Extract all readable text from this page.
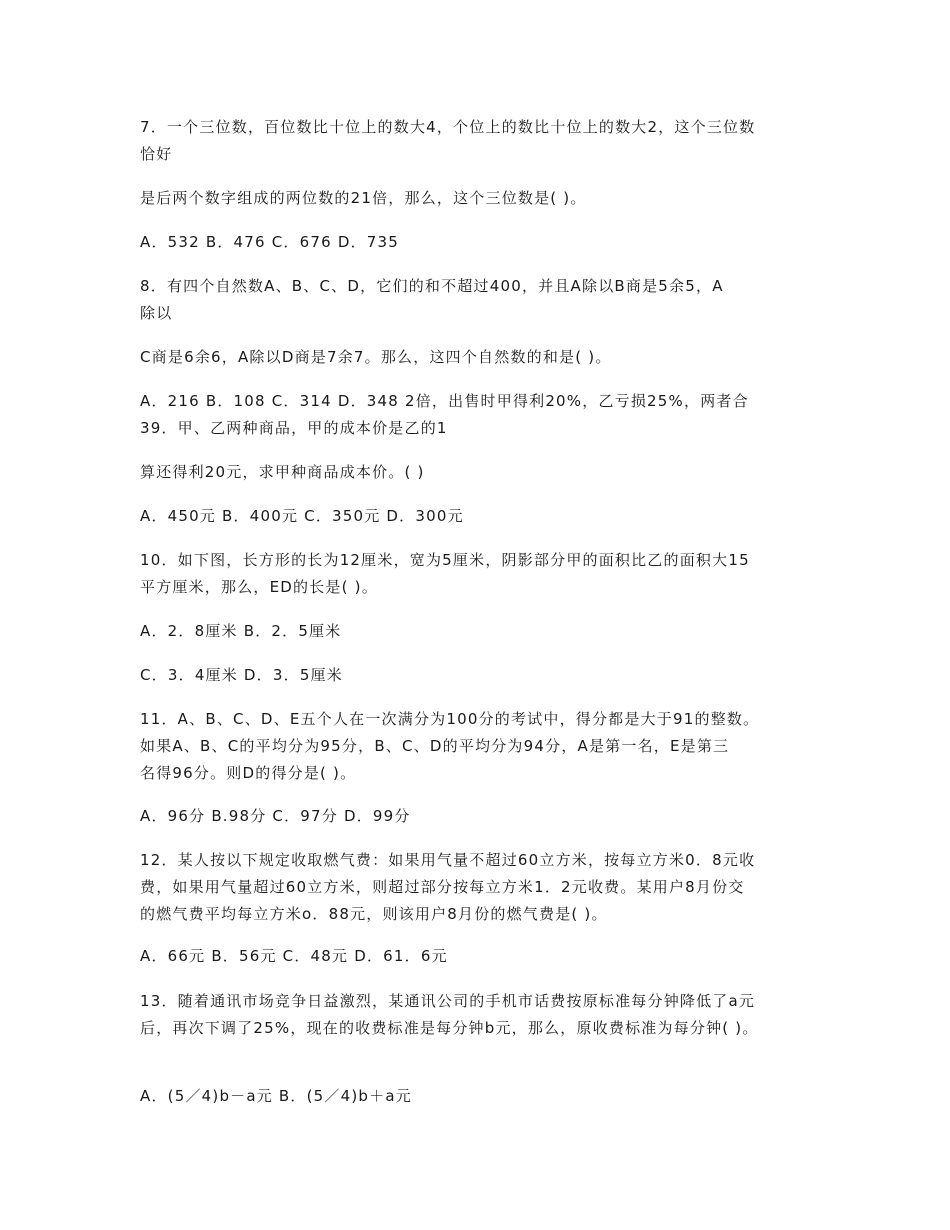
7．一个三位数，百位数比十位上的数大4，个位上的数比十位上的数大2，这个三位数
恰好
是后两个数字组成的两位数的21倍，那么，这个三位数是( )。
A．532 B．476 C．676 D．735
8．有四个自然数A、B、C、D，它们的和不超过400，并且A除以B商是5余5，A
除以
C商是6余6，A除以D商是7余7。那么，这四个自然数的和是( )。
A．216 B．108 C．314 D．348 2倍，出售时甲得利20%，乙亏损25%，两者合
39．甲、乙两种商品，甲的成本价是乙的1
算还得利20元，求甲种商品成本价。( )
A．450元 B．400元 C．350元 D．300元
10．如下图，长方形的长为12厘米，宽为5厘米，阴影部分甲的面积比乙的面积大15
平方厘米，那么，ED的长是( )。
A．2．8厘米 B．2．5厘米
C．3．4厘米 D．3．5厘米
11．A、B、C、D、E五个人在一次满分为100分的考试中，得分都是大于91的整数。
如果A、B、C的平均分为95分，B、C、D的平均分为94分，A是第一名，E是第三
名得96分。则D的得分是( )。
A．96分 B.98分 C．97分 D．99分
12．某人按以下规定收取燃气费：如果用气量不超过60立方米，按每立方米0．8元收
费，如果用气量超过60立方米，则超过部分按每立方米1．2元收费。某用户8月份交
的燃气费平均每立方米o．88元，则该用户8月份的燃气费是( )。
A．66元 B．56元 C．48元 D．61．6元
13．随着通讯市场竞争日益激烈，某通讯公司的手机市话费按原标准每分钟降低了a元
后，再次下调了25%，现在的收费标准是每分钟b元，那么，原收费标准为每分钟( )。
A．(5／4)b－a元 B．(5／4)b＋a元
